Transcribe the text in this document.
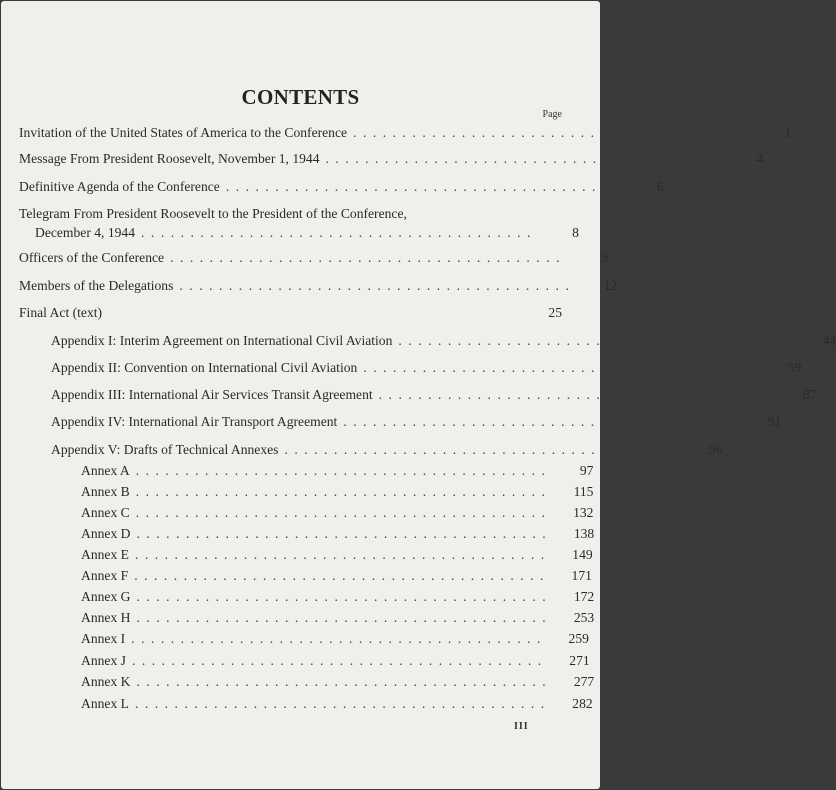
CONTENTS
Page
Invitation of the United States of America to the Conference ........................................	1
Message From President Roosevelt, November 1, 1944 ........................................	4
Definitive Agenda of the Conference ........................................	6
Telegram From President Roosevelt to the President of the Conference,
December 4, 1944 ........................................	8
Officers of the Conference ........................................	9
Members of the Delegations ........................................	12
Final Act (text)	25
Appendix I: Interim Agreement on International Civil Aviation ........................................	44
Appendix II: Convention on International Civil Aviation ........................................	59
Appendix III: International Air Services Transit Agreement ........................................	87
Appendix IV: International Air Transport Agreement ........................................	91
Appendix V: Drafts of Technical Annexes ........................................	96
Annex A ..........................................	97
Annex B ..........................................	115
Annex C ..........................................	132
Annex D ..........................................	138
Annex E ..........................................	149
Annex F ..........................................	171
Annex G ..........................................	172
Annex H ..........................................	253
Annex I ..........................................	259
Annex J ..........................................	271
Annex K ..........................................	277
Annex L ..........................................	282
III
